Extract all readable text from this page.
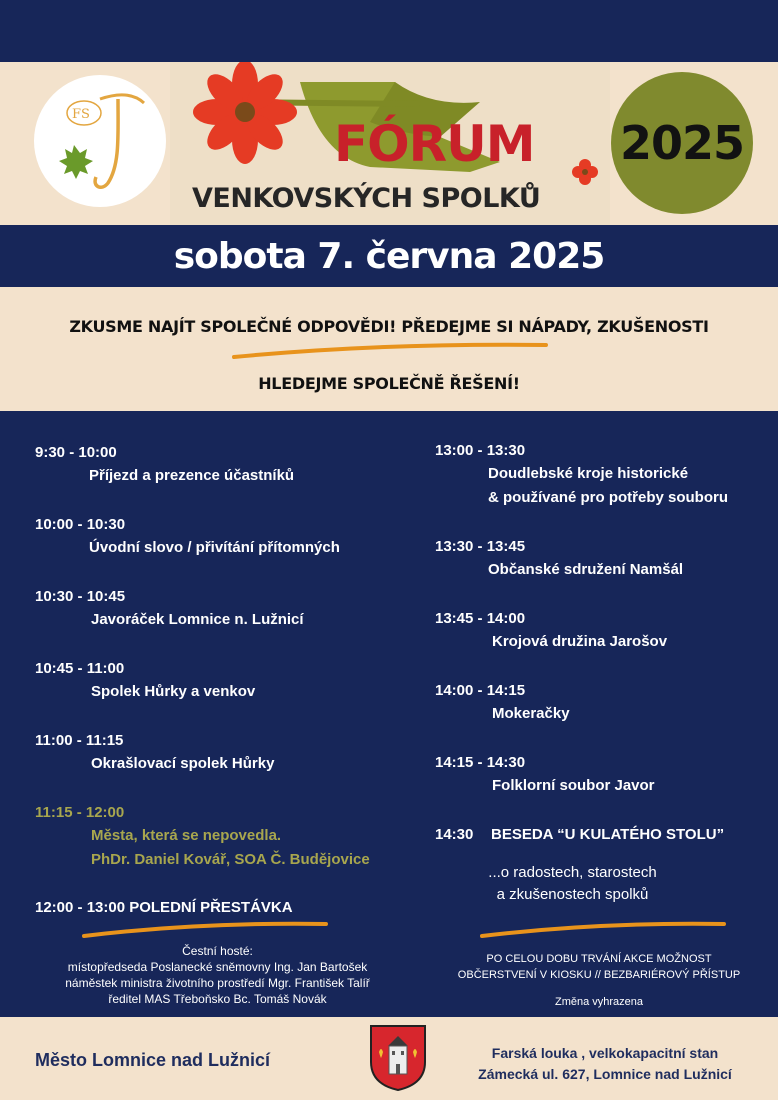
FS
FÓRUM
VENKOVSKÝCH SPOLKŮ
2025
sobota 7. června 2025
ZKUSME NAJÍT SPOLEČNÉ ODPOVĚDI! PŘEDEJME SI NÁPADY, ZKUŠENOSTI
HLEDEJME SPOLEČNĚ ŘEŠENÍ!
9:30 - 10:00
Příjezd a prezence účastníků
10:00 - 10:30
Úvodní slovo / přivítání přítomných
10:30 - 10:45
Javoráček Lomnice n. Lužnicí
10:45 - 11:00
Spolek Hůrky a venkov
11:00 - 11:15
Okrašlovací spolek Hůrky
11:15 - 12:00
Města, která se nepovedla.
PhDr. Daniel Kovář, SOA Č. Budějovice
12:00 - 13:00 POLEDNÍ PŘESTÁVKA
13:00 - 13:30
Doudlebské kroje historické
& používané pro potřeby souboru
13:30 - 13:45
Občanské sdružení Namšál
13:45 - 14:00
Krojová družina Jarošov
14:00 - 14:15
Mokeračky
14:15 - 14:30
Folklorní soubor Javor
14:30 BESEDA “U KULATÉHO STOLU”
...o radostech, starostech
a zkušenostech spolků
Čestní hosté:
místopředseda Poslanecké sněmovny Ing. Jan Bartošek
náměstek ministra životního prostředí Mgr. František Talíř
ředitel MAS Třeboňsko Bc. Tomáš Novák
PO CELOU DOBU TRVÁNÍ AKCE MOŽNOST
OBČERSTVENÍ V KIOSKU // BEZBARIÉROVÝ PŘÍSTUP
Změna vyhrazena
Město Lomnice nad Lužnicí	Farská louka , velkokapacitní stan
Zámecká ul. 627, Lomnice nad Lužnicí
